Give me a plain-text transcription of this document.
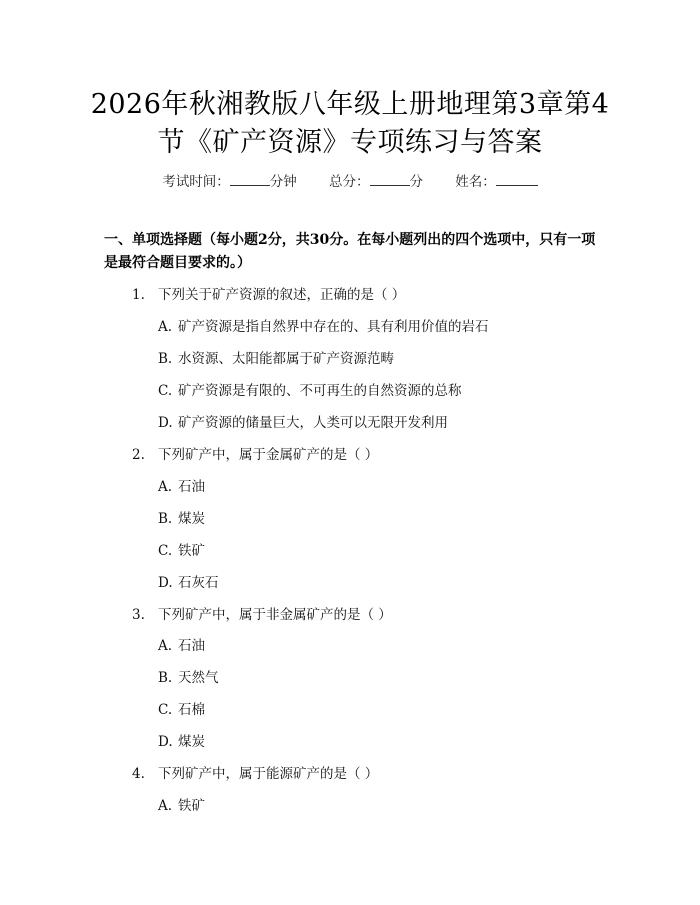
2026年秋湘教版八年级上册地理第3章第4
节《矿产资源》专项练习与答案
考试时间：	分钟 总分：	分 姓名：
一、单项选择题（每小题2分，共30分。在每小题列出的四个选项中，只有一项
是最符合题目要求的。）
1. 下列关于矿产资源的叙述，正确的是（ ）
A. 矿产资源是指自然界中存在的、具有利用价值的岩石
B. 水资源、太阳能都属于矿产资源范畴
C. 矿产资源是有限的、不可再生的自然资源的总称
D. 矿产资源的储量巨大，人类可以无限开发利用
2. 下列矿产中，属于金属矿产的是（ ）
A. 石油
B. 煤炭
C. 铁矿
D. 石灰石
3. 下列矿产中，属于非金属矿产的是（ ）
A. 石油
B. 天然气
C. 石棉
D. 煤炭
4. 下列矿产中，属于能源矿产的是（ ）
A. 铁矿
